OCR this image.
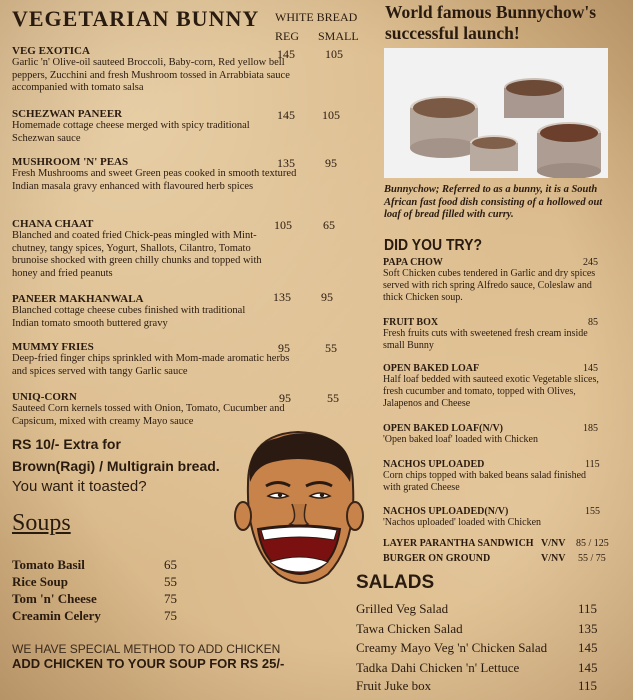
VEGETARIAN BUNNY WHITE BREAD
REG SMALL
VEG EXOTICA
Garlic 'n' Olive-oil sauteed Broccoli, Baby-corn, Red yellow bell peppers, Zucchini and fresh Mushroom tossed in Arrabbiata sauce accompanied with tomato salsa
145	105
SCHEZWAN PANEER
Homemade cottage cheese merged with spicy traditional Schezwan sauce
145 105
MUSHROOM 'N' PEAS
Fresh Mushrooms and sweet Green peas cooked in smooth textured Indian masala gravy enhanced with flavoured herb spices
135	95
CHANA CHAAT
Blanched and coated fried Chick-peas mingled with Mint-chutney, tangy spices, Yogurt, Shallots, Cilantro, Tomato brunoise shocked with green chilly chunks and topped with honey and fried peanuts
105	65
PANEER MAKHANWALA
Blanched cottage cheese cubes finished with traditional Indian tomato smooth buttered gravy
135	95
MUMMY FRIES
Deep-fried finger chips sprinkled with Mom-made aromatic herbs and spices served with tangy Garlic sauce
95	55
UNIQ-CORN
Sauteed Corn kernels tossed with Onion, Tomato, Cucumber and Capsicum, mixed with creamy Mayo sauce
95	55
RS 10/- Extra for
Brown(Ragi) / Multigrain bread.
You want it toasted?
Soups
Tomato Basil	65
Rice Soup	55
Tom 'n' Cheese	75
Creamin Celery	75
WE HAVE SPECIAL METHOD TO ADD CHICKEN
ADD CHICKEN TO YOUR SOUP FOR RS 25/-
World famous Bunnychow's successful launch!
Bunnychow; Referred to as a bunny, it is a South African fast food dish consisting of a hollowed out loaf of bread filled with curry.
DID YOU TRY?
PAPA CHOW
Soft Chicken cubes tendered in Garlic and dry spices served with rich spring Alfredo sauce, Coleslaw and thick Chicken soup.
245
FRUIT BOX
Fresh fruits cuts with sweetened fresh cream inside small Bunny
85
OPEN BAKED LOAF
Half loaf bedded with sauteed exotic Vegetable slices, fresh cucumber and tomato, topped with Olives, Jalapenos and Cheese
145
OPEN BAKED LOAF(N/V)
'Open baked loaf' loaded with Chicken
185
NACHOS UPLOADED
Corn chips topped with baked beans salad finished with grated Cheese
115
NACHOS UPLOADED(N/V)
'Nachos uploaded' loaded with Chicken
155
LAYER PARANTHA SANDWICH V/NV 85 / 125
BURGER ON GROUND	V/NV 55 / 75
SALADS
Grilled Veg Salad	115
Tawa Chicken Salad	135
Creamy Mayo Veg 'n' Chicken Salad 145
Tadka Dahi Chicken 'n' Lettuce	145
Fruit Juke box	115
